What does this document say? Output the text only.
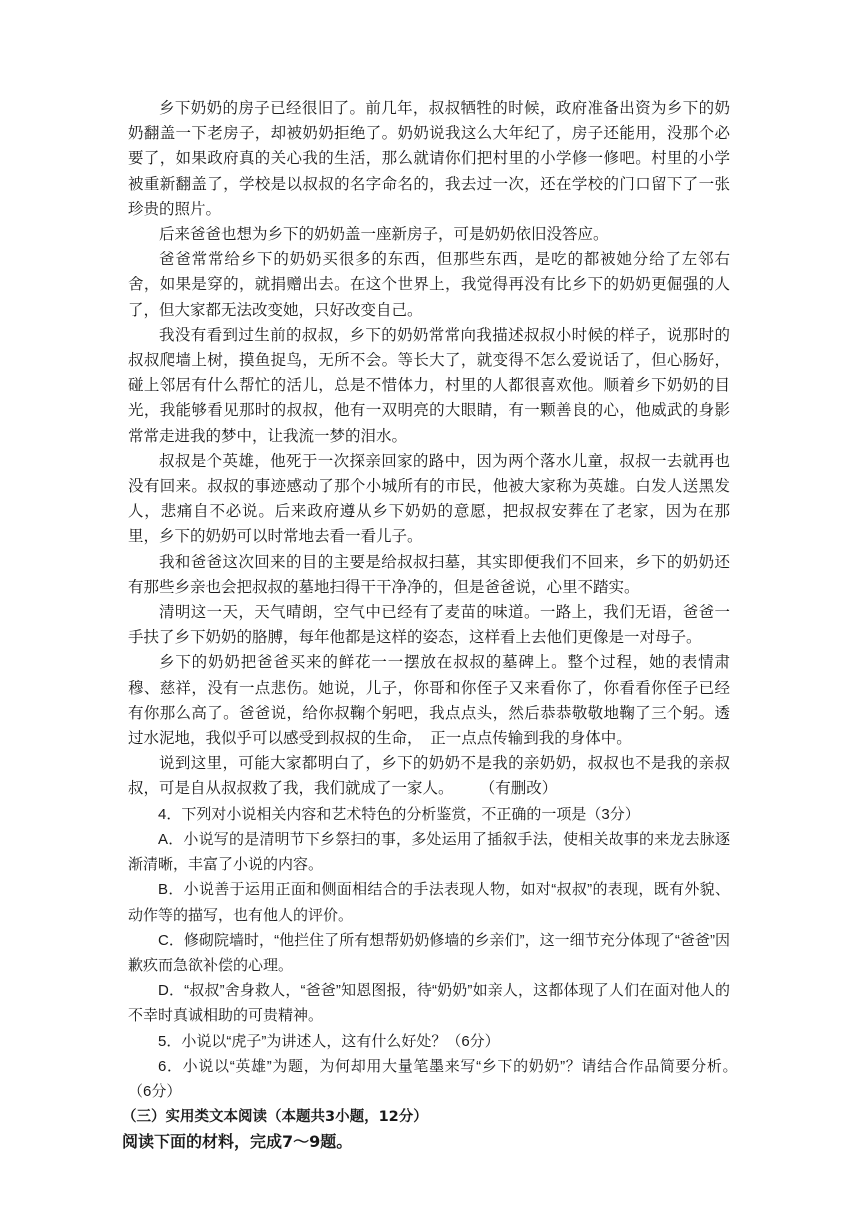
乡下奶奶的房子已经很旧了。前几年，叔叔牺牲的时候，政府准备出资为乡下的奶奶翻盖一下老房子，却被奶奶拒绝了。奶奶说我这么大年纪了，房子还能用，没那个必要了，如果政府真的关心我的生活，那么就请你们把村里的小学修一修吧。村里的小学被重新翻盖了，学校是以叔叔的名字命名的，我去过一次，还在学校的门口留下了一张珍贵的照片。

后来爸爸也想为乡下的奶奶盖一座新房子，可是奶奶依旧没答应。

爸爸常常给乡下的奶奶买很多的东西，但那些东西，是吃的都被她分给了左邻右舍，如果是穿的，就捐赠出去。在这个世界上，我觉得再没有比乡下的奶奶更倔强的人了，但大家都无法改变她，只好改变自己。

我没有看到过生前的叔叔，乡下的奶奶常常向我描述叔叔小时候的样子，说那时的叔叔爬墙上树，摸鱼捉鸟，无所不会。等长大了，就变得不怎么爱说话了，但心肠好，碰上邻居有什么帮忙的活儿，总是不惜体力，村里的人都很喜欢他。顺着乡下奶奶的目光，我能够看见那时的叔叔，他有一双明亮的大眼睛，有一颗善良的心，他威武的身影常常走进我的梦中，让我流一梦的泪水。

叔叔是个英雄，他死于一次探亲回家的路中，因为两个落水儿童，叔叔一去就再也没有回来。叔叔的事迹感动了那个小城所有的市民，他被大家称为英雄。白发人送黑发人，悲痛自不必说。后来政府遵从乡下奶奶的意愿，把叔叔安葬在了老家，因为在那里，乡下的奶奶可以时常地去看一看儿子。

我和爸爸这次回来的目的主要是给叔叔扫墓，其实即便我们不回来，乡下的奶奶还有那些乡亲也会把叔叔的墓地扫得干干净净的，但是爸爸说，心里不踏实。

清明这一天，天气晴朗，空气中已经有了麦苗的味道。一路上，我们无语，爸爸一手扶了乡下奶奶的胳膊，每年他都是这样的姿态，这样看上去他们更像是一对母子。

乡下的奶奶把爸爸买来的鲜花一一摆放在叔叔的墓碑上。整个过程，她的表情肃穆、慈祥，没有一点悲伤。她说，儿子，你哥和你侄子又来看你了，你看看你侄子已经有你那么高了。爸爸说，给你叔鞠个躬吧，我点点头，然后恭恭敬敬地鞠了三个躬。透过水泥地，我似乎可以感受到叔叔的生命，　正一点点传输到我的身体中。

说到这里，可能大家都明白了，乡下的奶奶不是我的亲奶奶，叔叔也不是我的亲叔叔，可是自从叔叔救了我，我们就成了一家人。 （有删改）

4．下列对小说相关内容和艺术特色的分析鉴赏，不正确的一项是（3分）

A．小说写的是清明节下乡祭扫的事，多处运用了插叙手法，使相关故事的来龙去脉逐渐清晰，丰富了小说的内容。

B．小说善于运用正面和侧面相结合的手法表现人物，如对“叔叔”的表现，既有外貌、动作等的描写，也有他人的评价。

C．修砌院墙时，“他拦住了所有想帮奶奶修墙的乡亲们”，这一细节充分体现了“爸爸”因歉疚而急欲补偿的心理。

D．“叔叔”舍身救人，“爸爸”知恩图报，待“奶奶”如亲人，这都体现了人们在面对他人的不幸时真诚相助的可贵精神。

5．小说以“虎子”为讲述人，这有什么好处？（6分）

6．小说以“英雄”为题，为何却用大量笔墨来写“乡下的奶奶”？请结合作品简要分析。　（6分）

（三）实用类文本阅读（本题共3小题，12分）

阅读下面的材料，完成7～9题。
